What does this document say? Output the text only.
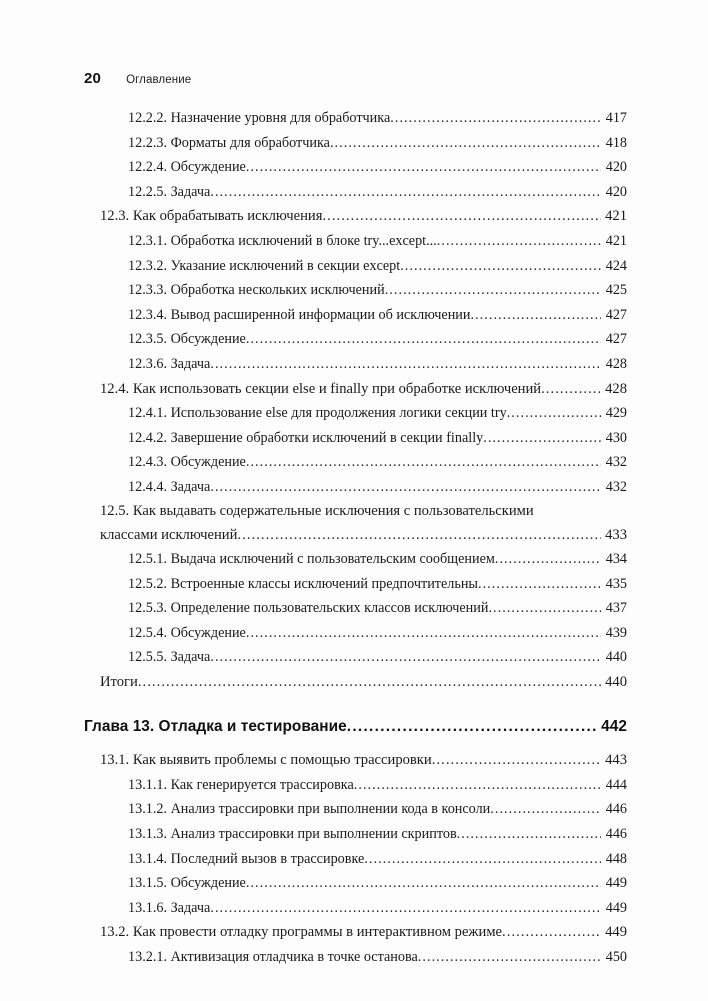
20 Оглавление
12.2.2. Назначение уровня для обработчика .....	417
12.2.3. Форматы для обработчика .....	418
12.2.4. Обсуждение .....	420
12.2.5. Задача .....	420
12.3. Как обрабатывать исключения .....	421
12.3.1. Обработка исключений в блоке try...except... .....	421
12.3.2. Указание исключений в секции except .....	424
12.3.3. Обработка нескольких исключений .....	425
12.3.4. Вывод расширенной информации об исключении .....	427
12.3.5. Обсуждение .....	427
12.3.6. Задача .....	428
12.4. Как использовать секции else и finally при обработке исключений .....	428
12.4.1. Использование else для продолжения логики секции try .....	429
12.4.2. Завершение обработки исключений в секции finally .....	430
12.4.3. Обсуждение .....	432
12.4.4. Задача .....	432
12.5. Как выдавать содержательные исключения с пользовательскими
классами исключений .....	433
12.5.1. Выдача исключений с пользовательским сообщением .....	434
12.5.2. Встроенные классы исключений предпочтительны .....	435
12.5.3. Определение пользовательских классов исключений .....	437
12.5.4. Обсуждение .....	439
12.5.5. Задача .....	440
Итоги .....	440
Глава 13. Отладка и тестирование .....	442
13.1. Как выявить проблемы с помощью трассировки .....	443
13.1.1. Как генерируется трассировка .....	444
13.1.2. Анализ трассировки при выполнении кода в консоли .....	446
13.1.3. Анализ трассировки при выполнении скриптов .....	446
13.1.4. Последний вызов в трассировке .....	448
13.1.5. Обсуждение .....	449
13.1.6. Задача .....	449
13.2. Как провести отладку программы в интерактивном режиме .....	449
13.2.1. Активизация отладчика в точке останова .....	450
